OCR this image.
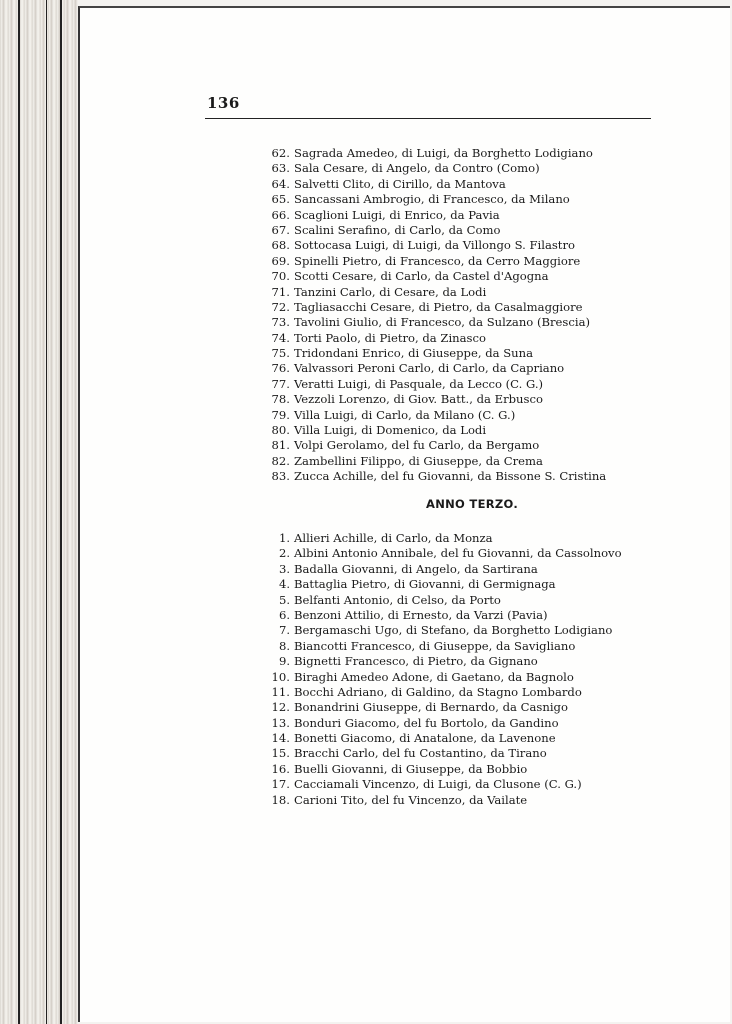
136
62. Sagrada Amedeo, di Luigi, da Borghetto Lodigiano
63. Sala Cesare, di Angelo, da Contro (Como)
64. Salvetti Clito, di Cirillo, da Mantova
65. Sancassani Ambrogio, di Francesco, da Milano
66. Scaglioni Luigi, di Enrico, da Pavia
67. Scalini Serafino, di Carlo, da Como
68. Sottocasa Luigi, di Luigi, da Villongo S. Filastro
69. Spinelli Pietro, di Francesco, da Cerro Maggiore
70. Scotti Cesare, di Carlo, da Castel d'Agogna
71. Tanzini Carlo, di Cesare, da Lodi
72. Tagliasacchi Cesare, di Pietro, da Casalmaggiore
73. Tavolini Giulio, di Francesco, da Sulzano (Brescia)
74. Torti Paolo, di Pietro, da Zinasco
75. Tridondani Enrico, di Giuseppe, da Suna
76. Valvassori Peroni Carlo, di Carlo, da Capriano
77. Veratti Luigi, di Pasquale, da Lecco (C. G.)
78. Vezzoli Lorenzo, di Giov. Batt., da Erbusco
79. Villa Luigi, di Carlo, da Milano (C. G.)
80. Villa Luigi, di Domenico, da Lodi
81. Volpi Gerolamo, del fu Carlo, da Bergamo
82. Zambellini Filippo, di Giuseppe, da Crema
83. Zucca Achille, del fu Giovanni, da Bissone S. Cristina
ANNO TERZO.
1. Allieri Achille, di Carlo, da Monza
2. Albini Antonio Annibale, del fu Giovanni, da Cassolnovo
3. Badalla Giovanni, di Angelo, da Sartirana
4. Battaglia Pietro, di Giovanni, di Germignaga
5. Belfanti Antonio, di Celso, da Porto
6. Benzoni Attilio, di Ernesto, da Varzi (Pavia)
7. Bergamaschi Ugo, di Stefano, da Borghetto Lodigiano
8. Biancotti Francesco, di Giuseppe, da Savigliano
9. Bignetti Francesco, di Pietro, da Gignano
10. Biraghi Amedeo Adone, di Gaetano, da Bagnolo
11. Bocchi Adriano, di Galdino, da Stagno Lombardo
12. Bonandrini Giuseppe, di Bernardo, da Casnigo
13. Bonduri Giacomo, del fu Bortolo, da Gandino
14. Bonetti Giacomo, di Anatalone, da Lavenone
15. Bracchi Carlo, del fu Costantino, da Tirano
16. Buelli Giovanni, di Giuseppe, da Bobbio
17. Cacciamali Vincenzo, di Luigi, da Clusone (C. G.)
18. Carioni Tito, del fu Vincenzo, da Vailate
